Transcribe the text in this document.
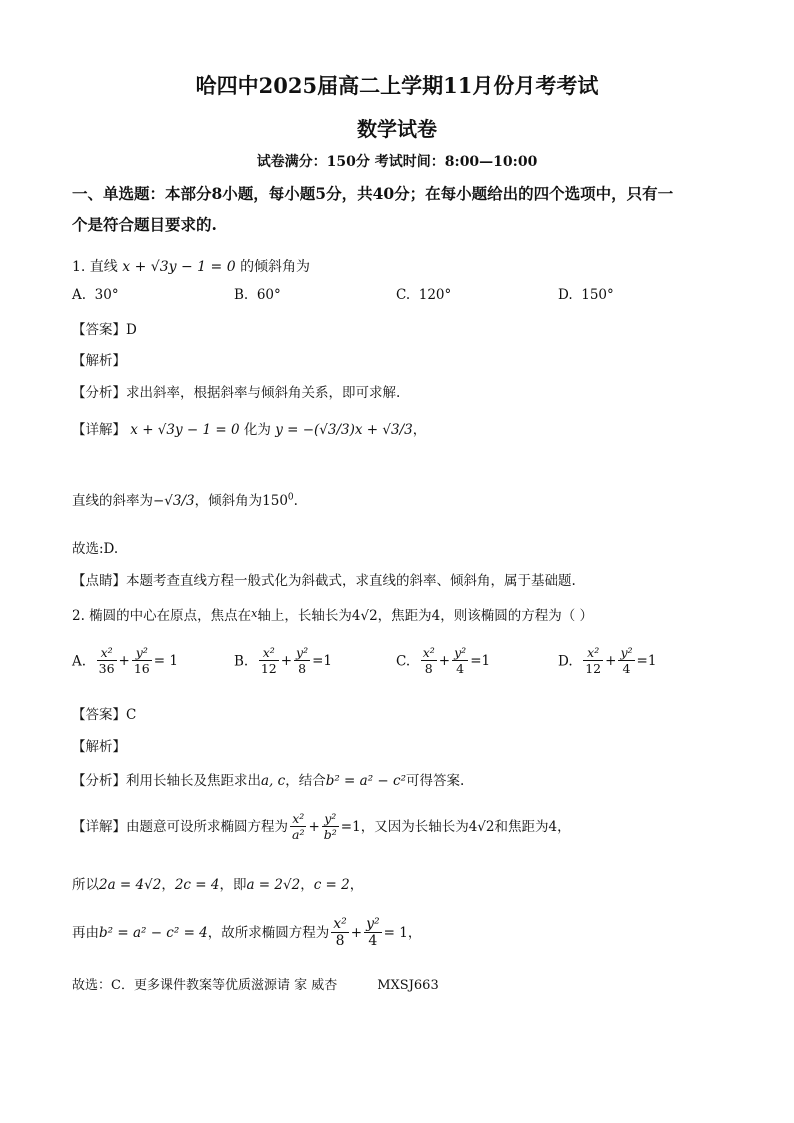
哈四中2025届高二上学期11月份月考考试
数学试卷
试卷满分：150分 考试时间：8:00—10:00
一、单选题：本部分8小题，每小题5分，共40分；在每小题给出的四个选项中，只有一
个是符合题目要求的.
1. 直线 x + √3y − 1 = 0 的倾斜角为
A. 30°	B. 60°	C. 120°	D. 150°
【答案】D
【解析】
【分析】求出斜率，根据斜率与倾斜角关系，即可求解.
【详解】 x + √3y − 1 = 0 化为 y = −(√3/3)x + √3/3，
直线的斜率为−√3/3，倾斜角为$150^0$.
故选:D.
【点睛】本题考查直线方程一般式化为斜截式，求直线的斜率、倾斜角，属于基础题.
2. 椭圆的中心在原点，焦点在$^x$轴上，长轴长为4√2，焦距为4，则该椭圆的方程为（ ）
A. $\frac{\text{x²}}{36} + \frac{\text{y²}}{16} = 1$	B. $\frac{\text{x²}}{12} + \frac{\text{y²}}{8} =1$	C. $\frac{\text{x²}}{8} + \frac{\text{y²}}{4} =1$	D. $\frac{\text{x²}}{12} + \frac{\text{y²}}{4} =1$
【答案】C
【解析】
【分析】利用长轴长及焦距求出a, c，结合b² = a² − c²可得答案.
【详解】由题意可设所求椭圆方程为 $\frac{\text{x²}}{\text{a²}} + \frac{\text{y²}}{\text{b²}} =1$，又因为长轴长为4√2和焦距为4，
所以2a = 4√2，2c = 4，即a = 2√2，c = 2，
再由b² = a² − c² = 4，故所求椭圆方程为 $\frac{\text{x²}}{8} + \frac{\text{y²}}{4} = 1$，
故选：C．更多课件教案等优质滋源请 家 威杏	MXSJ663
